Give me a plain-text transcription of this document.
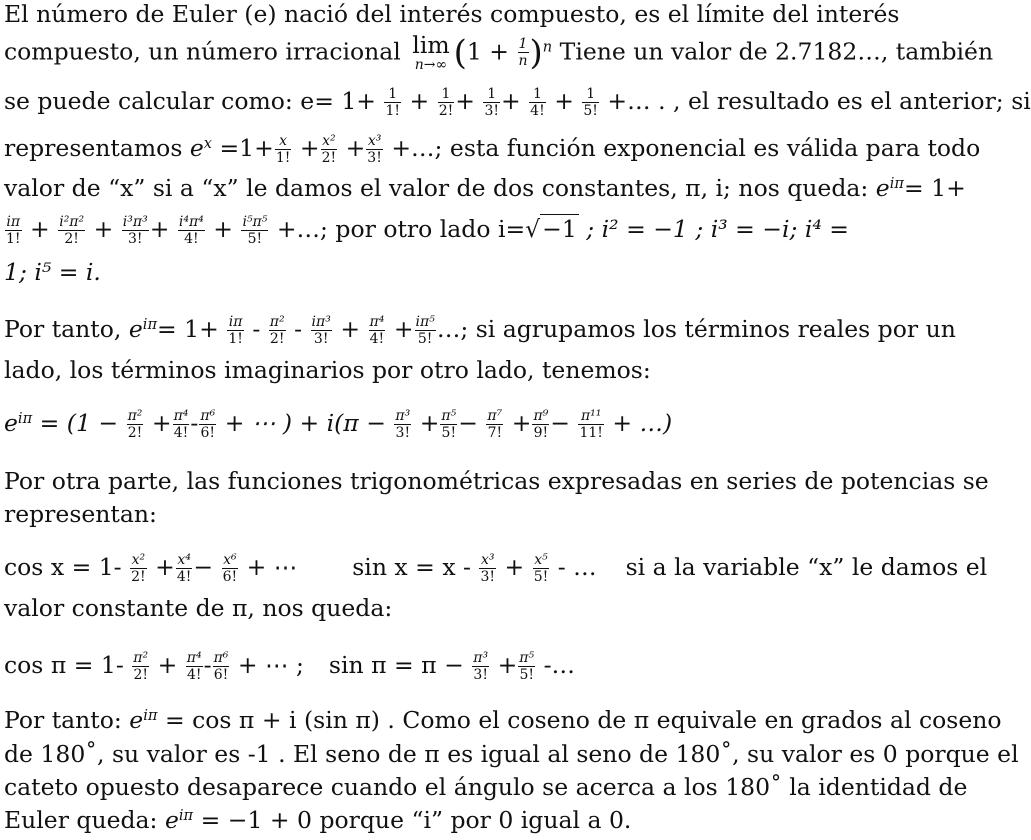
El número de Euler (e) nació del interés compuesto, es el límite del interés
compuesto, un número irracional lim
n→∞ $(1 + \frac{1}{n} )^n$ Tiene un valor de 2.7182…, también
se puede calcular como: $e= 1+ \frac{1}{1!} + \frac{1}{2!} + \frac{1}{3!} + \frac{1}{4!} + \frac{1}{5!}$ +… . , el resultado es el anterior; si
representamos $e^x =1+ \frac{x}{1!} + \frac{\text{x²}}{2!} + \frac{\text{x³}}{3!}$ +…; esta función exponencial es válida para todo
valor de “x” si a “x” le damos el valor de dos constantes, π, i; nos queda: $e^{i\pi}= 1+$
$\frac{i\pi}{1!} + \frac{\text{i²π²}}{2!} + \frac{\text{i³π³}}{3!} + \frac{\text{i⁴π⁴}}{4!} + \frac{\text{i⁵π⁵}}{5!}$ +…; por otro lado i=√−1 ; i² = −1 ; i³ = −i; i⁴ =
1; i⁵ = i.
Por tanto, $e^{i\pi}= 1+ \frac{i\pi}{1!} - \frac{\text{π²}}{2!} - \frac{\text{iπ³}}{3!} + \frac{\text{π⁴}}{4!} + \frac{\text{iπ⁵}}{5!}$ …; si agrupamos los términos reales por un
lado, los términos imaginarios por otro lado, tenemos:
$e^{i\pi} = (1 - \frac{\text{π²}}{2!} + \frac{\text{π⁴}}{4!} - \frac{\text{π⁶}}{6!}$ + ⋯ ) + $i(\pi - \frac{\text{π³}}{3!} + \frac{\text{π⁵}}{5!} - \frac{\text{π⁷}}{7!} + \frac{\text{π⁹}}{9!} - \frac{\text{π¹¹}}{11!}$ + …)
Por otra parte, las funciones trigonométricas expresadas en series de potencias se
representan:
$\cos x = 1- \frac{\text{x²}}{2!} + \frac{\text{x⁴}}{4!} - \frac{\text{x⁶}}{6!}$ + ⋯ $\sin x = x - \frac{\text{x³}}{3!} + \frac{\text{x⁵}}{5!}$ - … si a la variable “x” le damos el
valor constante de π, nos queda:
$\cos \pi = 1- \frac{\text{π²}}{2!} + \frac{\text{π⁴}}{4!} - \frac{\text{π⁶}}{6!}$ + ⋯ ; $\sin \pi = \pi - \frac{\text{π³}}{3!} + \frac{\text{π⁵}}{5!}$ -…
Por tanto: $e^{i\pi} = \cos \pi + i$ (sin π) . Como el coseno de π equivale en grados al coseno
de 180˚, su valor es -1 . El seno de π es igual al seno de 180˚, su valor es 0 porque el
cateto opuesto desaparece cuando el ángulo se acerca a los 180˚ la identidad de
Euler queda: $e^{i\pi} = -1 + 0$ porque “i” por 0 igual a 0.
